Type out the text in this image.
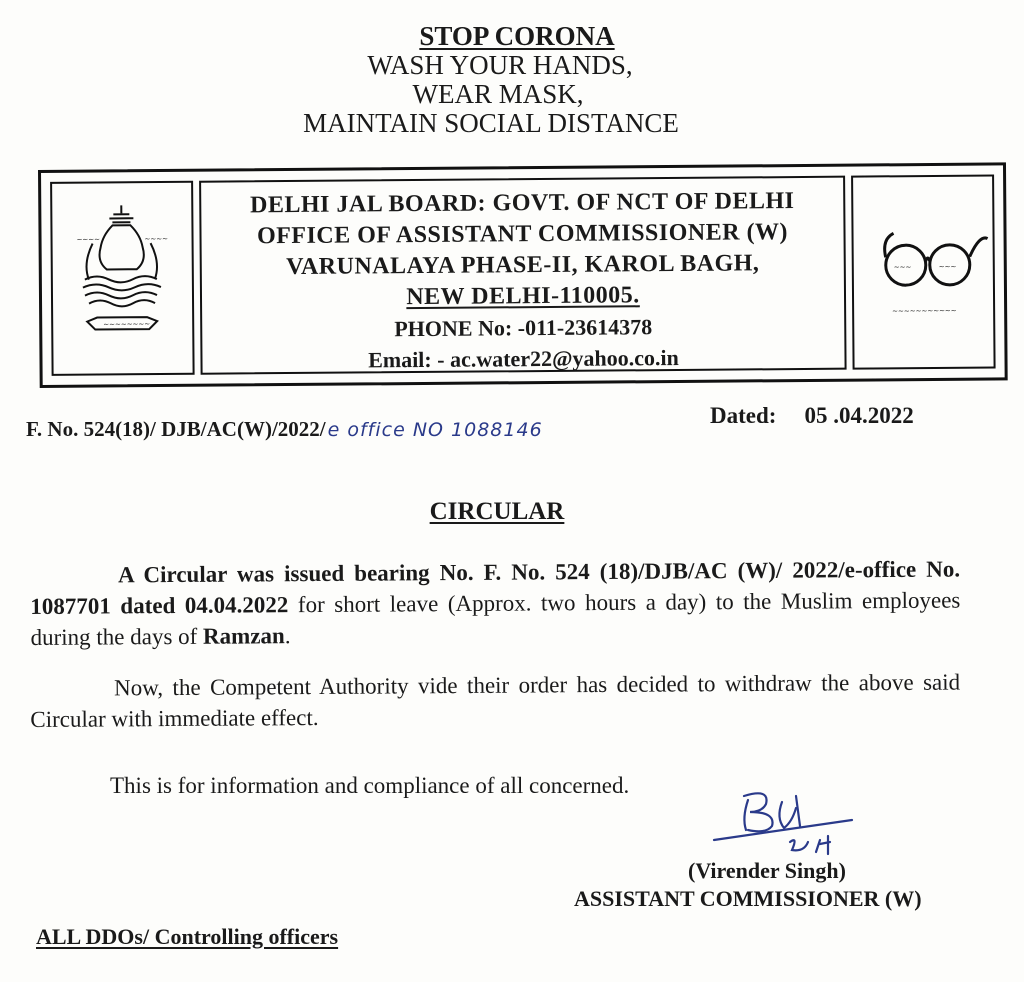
STOP CORONA
WASH YOUR HANDS,
WEAR MASK,
MAINTAIN SOCIAL DISTANCE
~~~~	~~~~
~~~~~~~~
DELHI JAL BOARD: GOVT. OF NCT OF DELHI
OFFICE OF ASSISTANT COMMISSIONER (W)
VARUNALAYA PHASE-II, KAROL BAGH,
NEW DELHI-110005.
PHONE No: -011-23614378
Email: - ac.water22@yahoo.co.in
~~~	~~~
~~~~~~~~~~~
F. No. 524(18)/ DJB/AC(W)/2022/ e office NO 1088146
Dated: 05 .04.2022
CIRCULAR
A Circular was issued bearing No. F. No. 524 (18)/DJB/AC (W)/ 2022/e-office No. 1087701 dated 04.04.2022 for short leave (Approx. two hours a day) to the Muslim employees during the days of Ramzan.
Now, the Competent Authority vide their order has decided to withdraw the above said Circular with immediate effect.
This is for information and compliance of all concerned.
(Virender Singh)
ASSISTANT COMMISSIONER (W)
ALL DDOs/ Controlling officers
